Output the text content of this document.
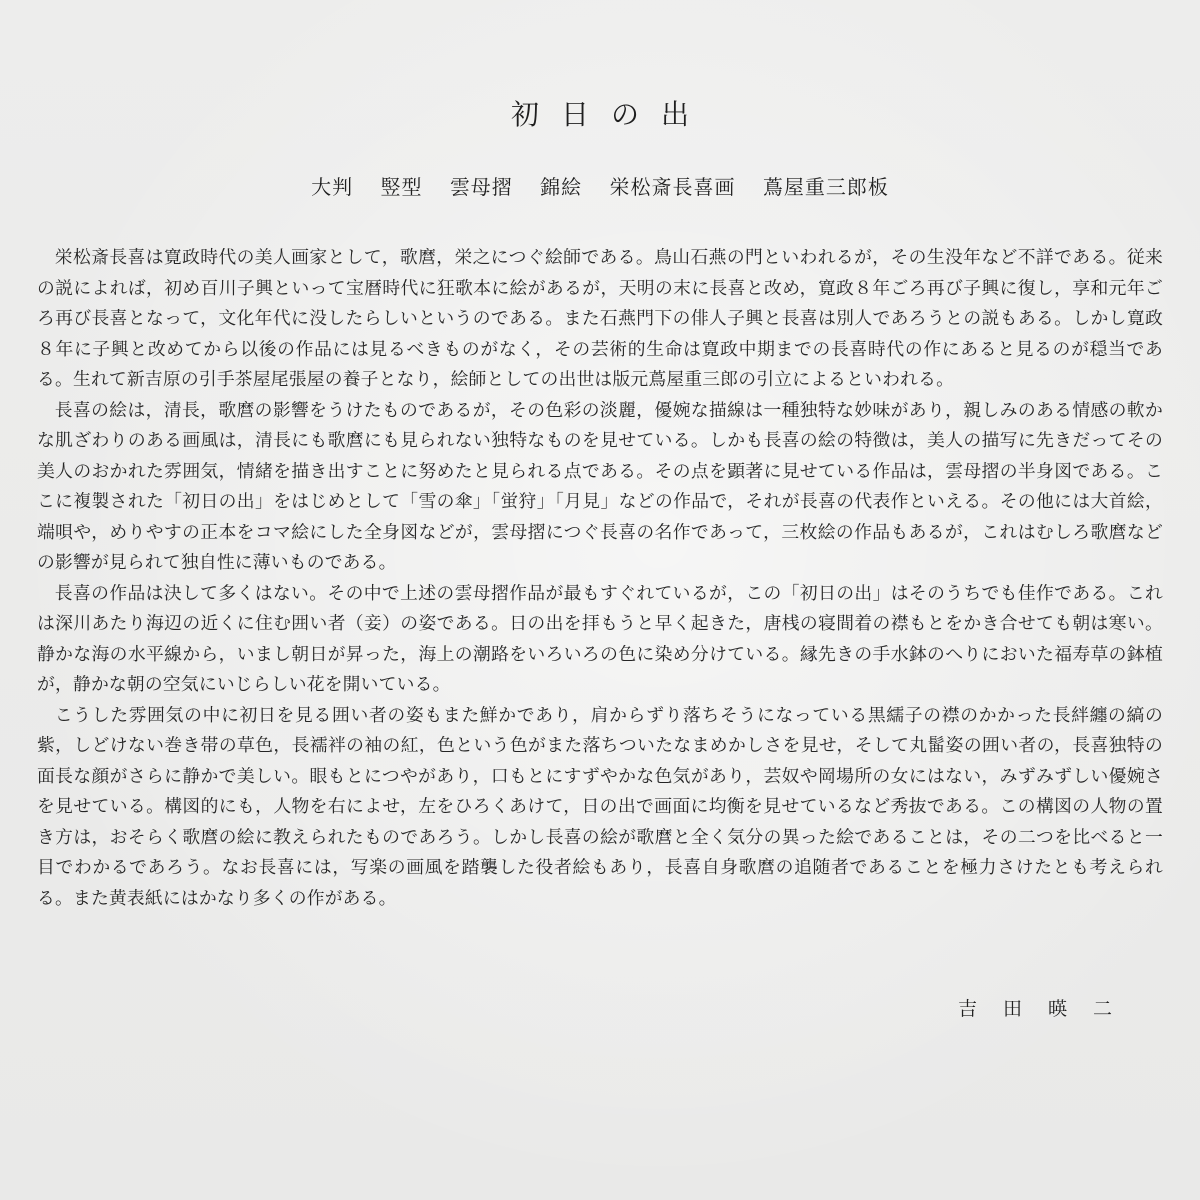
初日の出
大判 竪型 雲母摺 錦絵 栄松斎長喜画 蔦屋重三郎板

栄松斎長喜は寛政時代の美人画家として，歌麿，栄之につぐ絵師である。鳥山石燕の門といわれるが，その生没年など不詳である。従来の説によれば，初め百川子興といって宝暦時代に狂歌本に絵があるが，天明の末に長喜と改め，寛政８年ごろ再び子興に復し，享和元年ごろ再び長喜となって，文化年代に没したらしいというのである。また石燕門下の俳人子興と長喜は別人であろうとの説もある。しかし寛政８年に子興と改めてから以後の作品には見るべきものがなく，その芸術的生命は寛政中期までの長喜時代の作にあると見るのが穏当である。生れて新吉原の引手茶屋尾張屋の養子となり，絵師としての出世は版元蔦屋重三郎の引立によるといわれる。

長喜の絵は，清長，歌麿の影響をうけたものであるが，その色彩の淡麗，優婉な描線は一種独特な妙味があり，親しみのある情感の軟かな肌ざわりのある画風は，清長にも歌麿にも見られない独特なものを見せている。しかも長喜の絵の特徴は，美人の描写に先きだってその美人のおかれた雰囲気，情緒を描き出すことに努めたと見られる点である。その点を顕著に見せている作品は，雲母摺の半身図である。ここに複製された「初日の出」をはじめとして「雪の傘」「蛍狩」「月見」などの作品で，それが長喜の代表作といえる。その他には大首絵，端唄や，めりやすの正本をコマ絵にした全身図などが，雲母摺につぐ長喜の名作であって，三枚絵の作品もあるが，これはむしろ歌麿などの影響が見られて独自性に薄いものである。

長喜の作品は決して多くはない。その中で上述の雲母摺作品が最もすぐれているが，この「初日の出」はそのうちでも佳作である。これは深川あたり海辺の近くに住む囲い者（妾）の姿である。日の出を拝もうと早く起きた，唐桟の寝間着の襟もとをかき合せても朝は寒い。静かな海の水平線から，いまし朝日が昇った，海上の潮路をいろいろの色に染め分けている。縁先きの手水鉢のへりにおいた福寿草の鉢植が，静かな朝の空気にいじらしい花を開いている。

こうした雰囲気の中に初日を見る囲い者の姿もまた鮮かであり，肩からずり落ちそうになっている黒繻子の襟のかかった長絆纏の縞の紫，しどけない巻き帯の草色，長襦袢の袖の紅，色という色がまた落ちついたなまめかしさを見せ，そして丸髷姿の囲い者の，長喜独特の面長な顔がさらに静かで美しい。眼もとにつやがあり，口もとにすずやかな色気があり，芸奴や岡場所の女にはない，みずみずしい優婉さを見せている。構図的にも，人物を右によせ，左をひろくあけて，日の出で画面に均衡を見せているなど秀抜である。この構図の人物の置き方は，おそらく歌麿の絵に教えられたものであろう。しかし長喜の絵が歌麿と全く気分の異った絵であることは，その二つを比べると一目でわかるであろう。なお長喜には，写楽の画風を踏襲した役者絵もあり，長喜自身歌麿の追随者であることを極力さけたとも考えられる。また黄表紙にはかなり多くの作がある。

吉田暎二
